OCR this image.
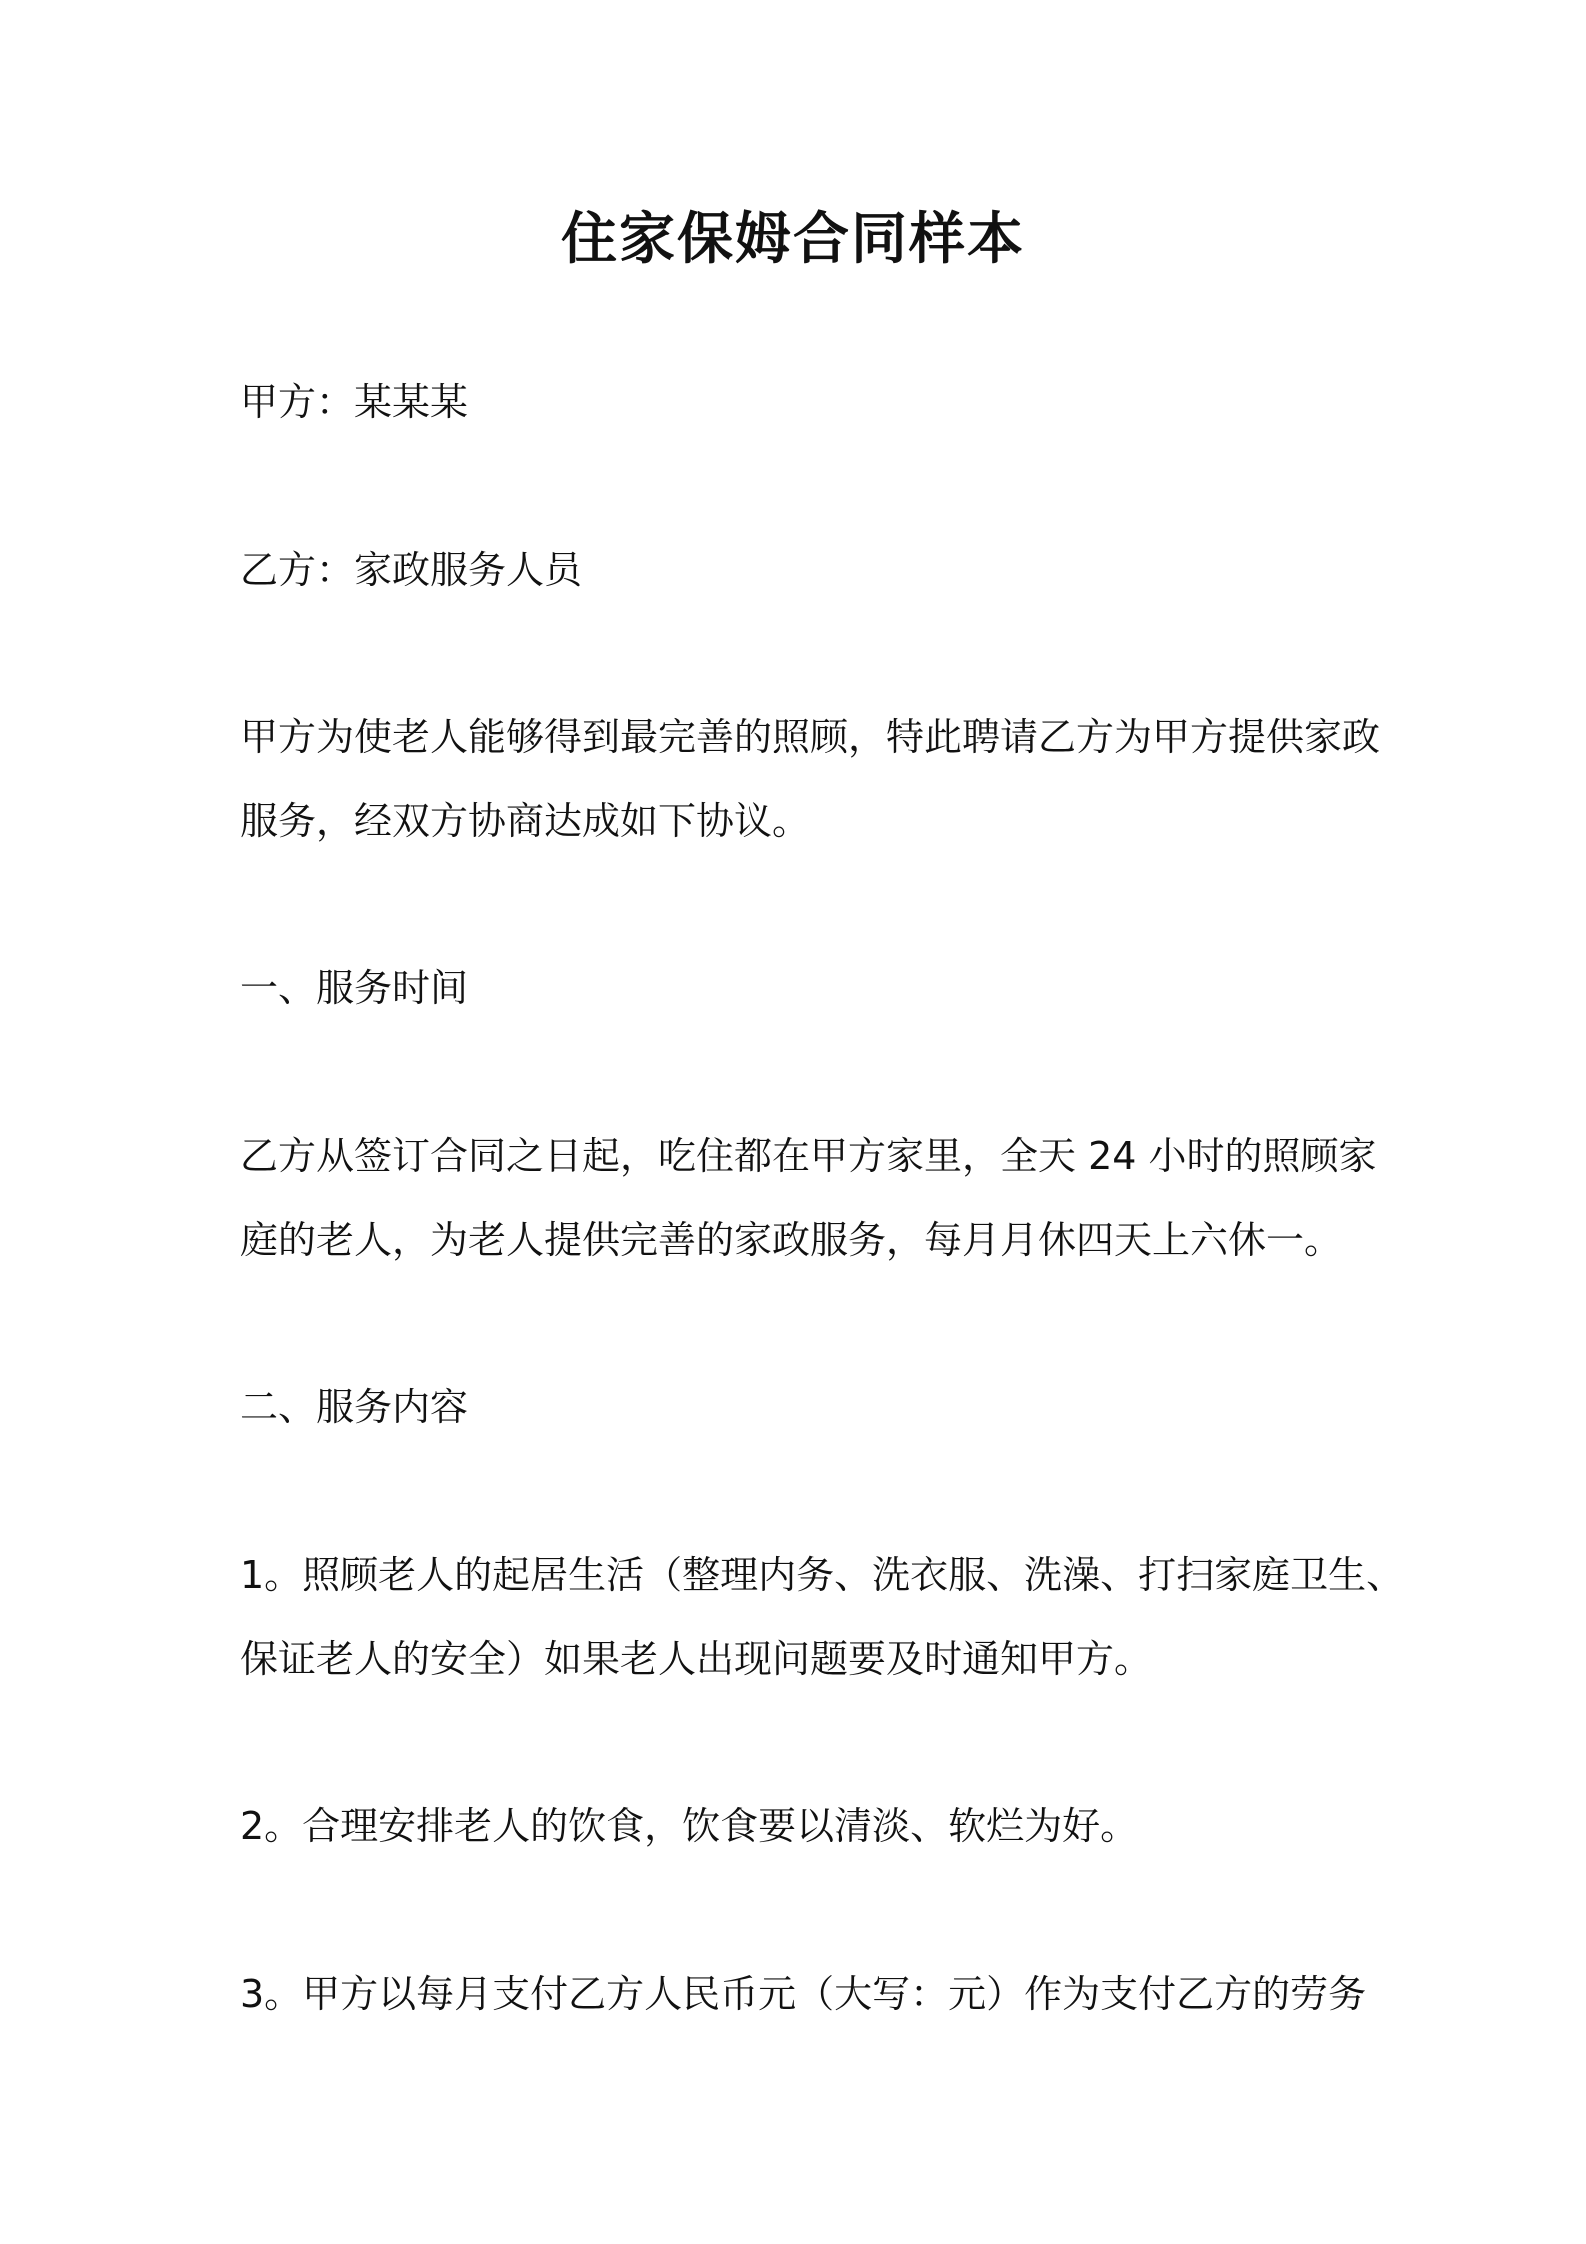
住家保姆合同样本

甲方：某某某

乙方：家政服务人员

甲方为使老人能够得到最完善的照顾，特此聘请乙方为甲方提供家政
服务，经双方协商达成如下协议。

一、服务时间

乙方从签订合同之日起，吃住都在甲方家里，全天 24 小时的照顾家
庭的老人，为老人提供完善的家政服务，每月月休四天上六休一。

二、服务内容

1。照顾老人的起居生活（整理内务、洗衣服、洗澡、打扫家庭卫生、
保证老人的安全）如果老人出现问题要及时通知甲方。

2。合理安排老人的饮食，饮食要以清淡、软烂为好。

3。甲方以每月支付乙方人民币元（大写：元）作为支付乙方的劳务
